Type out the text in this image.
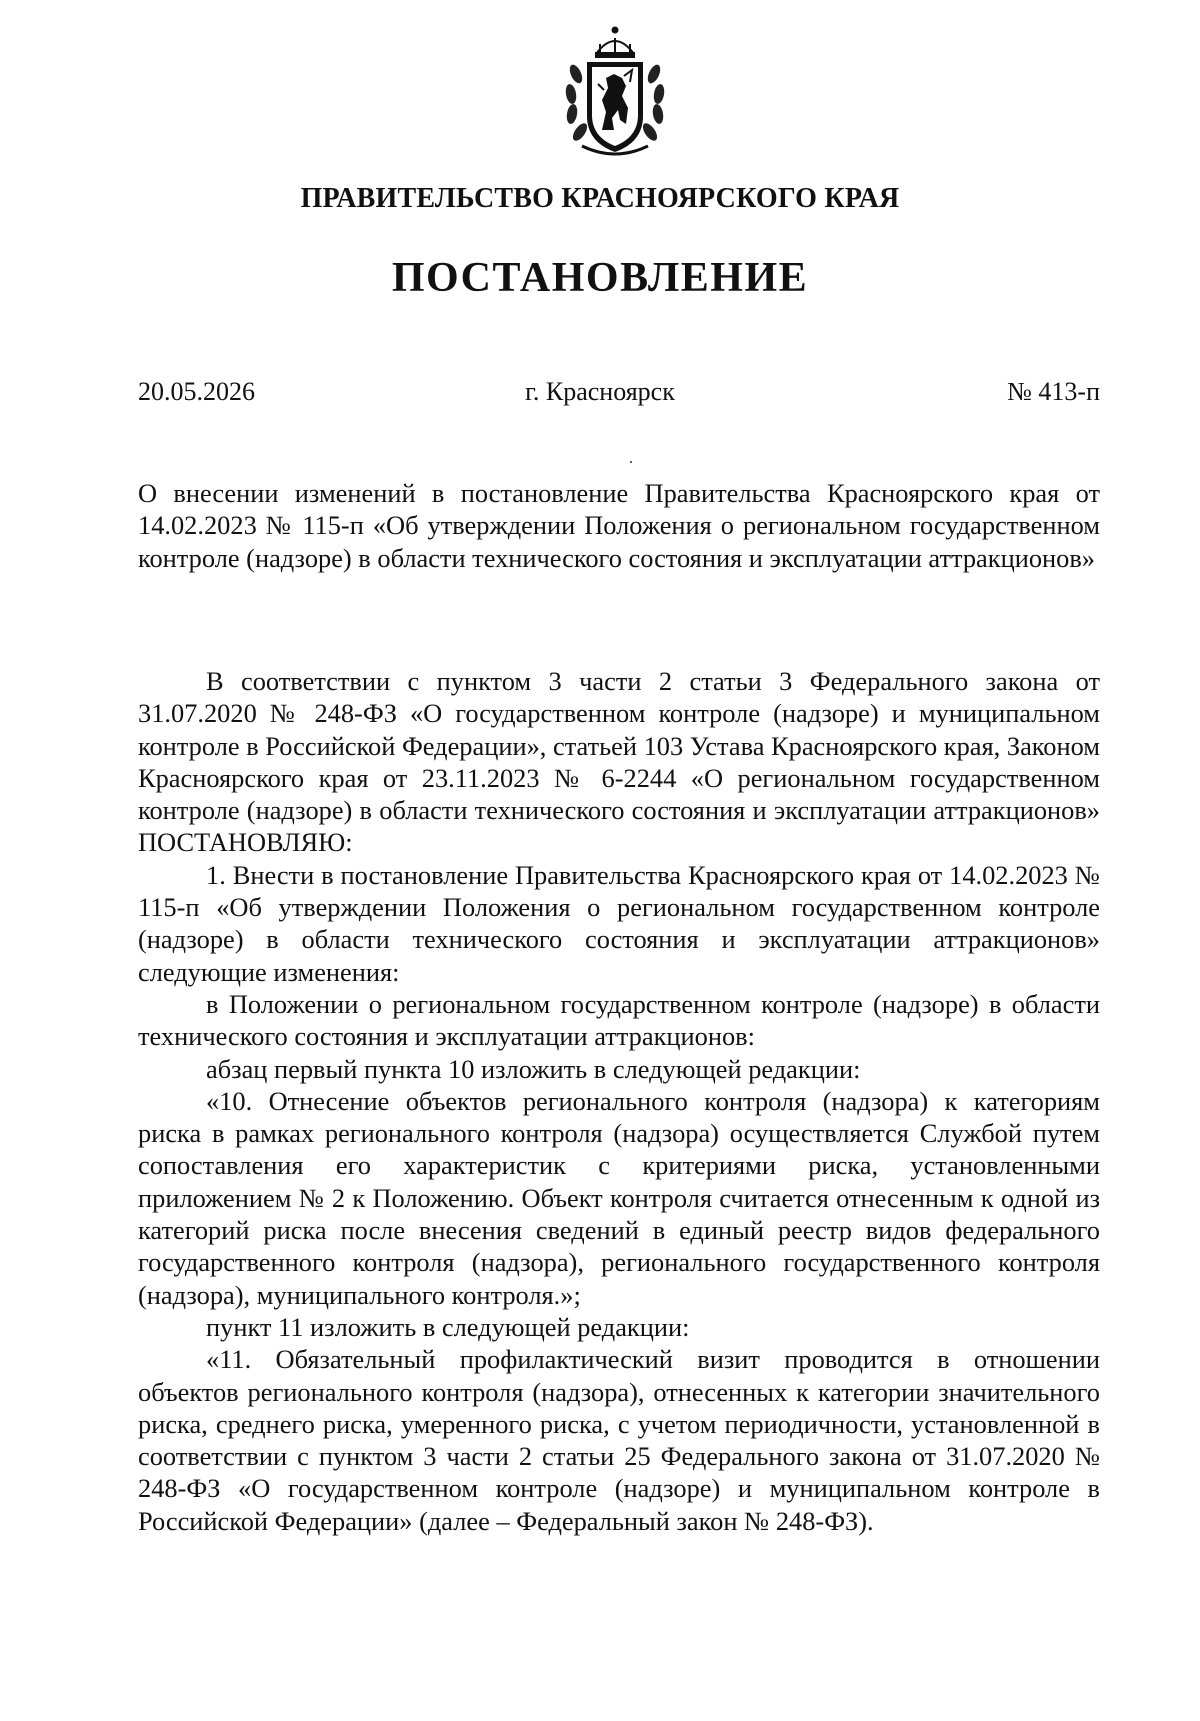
ПРАВИТЕЛЬСТВО КРАСНОЯРСКОГО КРАЯ
ПОСТАНОВЛЕНИЕ
20.05.2026	г. Красноярск	№ 413-п

О внесении изменений в постановление Правительства Красноярского края от 14.02.2023 № 115-п «Об утверждении Положения о региональном государственном контроле (надзоре) в области технического состояния и эксплуатации аттракционов»

В соответствии с пунктом 3 части 2 статьи 3 Федерального закона от 31.07.2020 № 248-ФЗ «О государственном контроле (надзоре) и муниципальном контроле в Российской Федерации», статьей 103 Устава Красноярского края, Законом Красноярского края от 23.11.2023 № 6-2244 «О региональном государственном контроле (надзоре) в области технического состояния и эксплуатации аттракционов» ПОСТАНОВЛЯЮ:

1. Внести в постановление Правительства Красноярского края от 14.02.2023 № 115-п «Об утверждении Положения о региональном государственном контроле (надзоре) в области технического состояния и эксплуатации аттракционов» следующие изменения:

в Положении о региональном государственном контроле (надзоре) в области технического состояния и эксплуатации аттракционов:

абзац первый пункта 10 изложить в следующей редакции:

«10. Отнесение объектов регионального контроля (надзора) к категориям риска в рамках регионального контроля (надзора) осуществляется Службой путем сопоставления его характеристик с критериями риска, установленными приложением № 2 к Положению. Объект контроля считается отнесенным к одной из категорий риска после внесения сведений в единый реестр видов федерального государственного контроля (надзора), регионального государственного контроля (надзора), муниципального контроля.»;

пункт 11 изложить в следующей редакции:

«11. Обязательный профилактический визит проводится в отношении объектов регионального контроля (надзора), отнесенных к категории значительного риска, среднего риска, умеренного риска, с учетом периодичности, установленной в соответствии с пунктом 3 части 2 статьи 25 Федерального закона от 31.07.2020 № 248-ФЗ «О государственном контроле (надзоре) и муниципальном контроле в Российской Федерации» (далее – Федеральный закон № 248-ФЗ).
